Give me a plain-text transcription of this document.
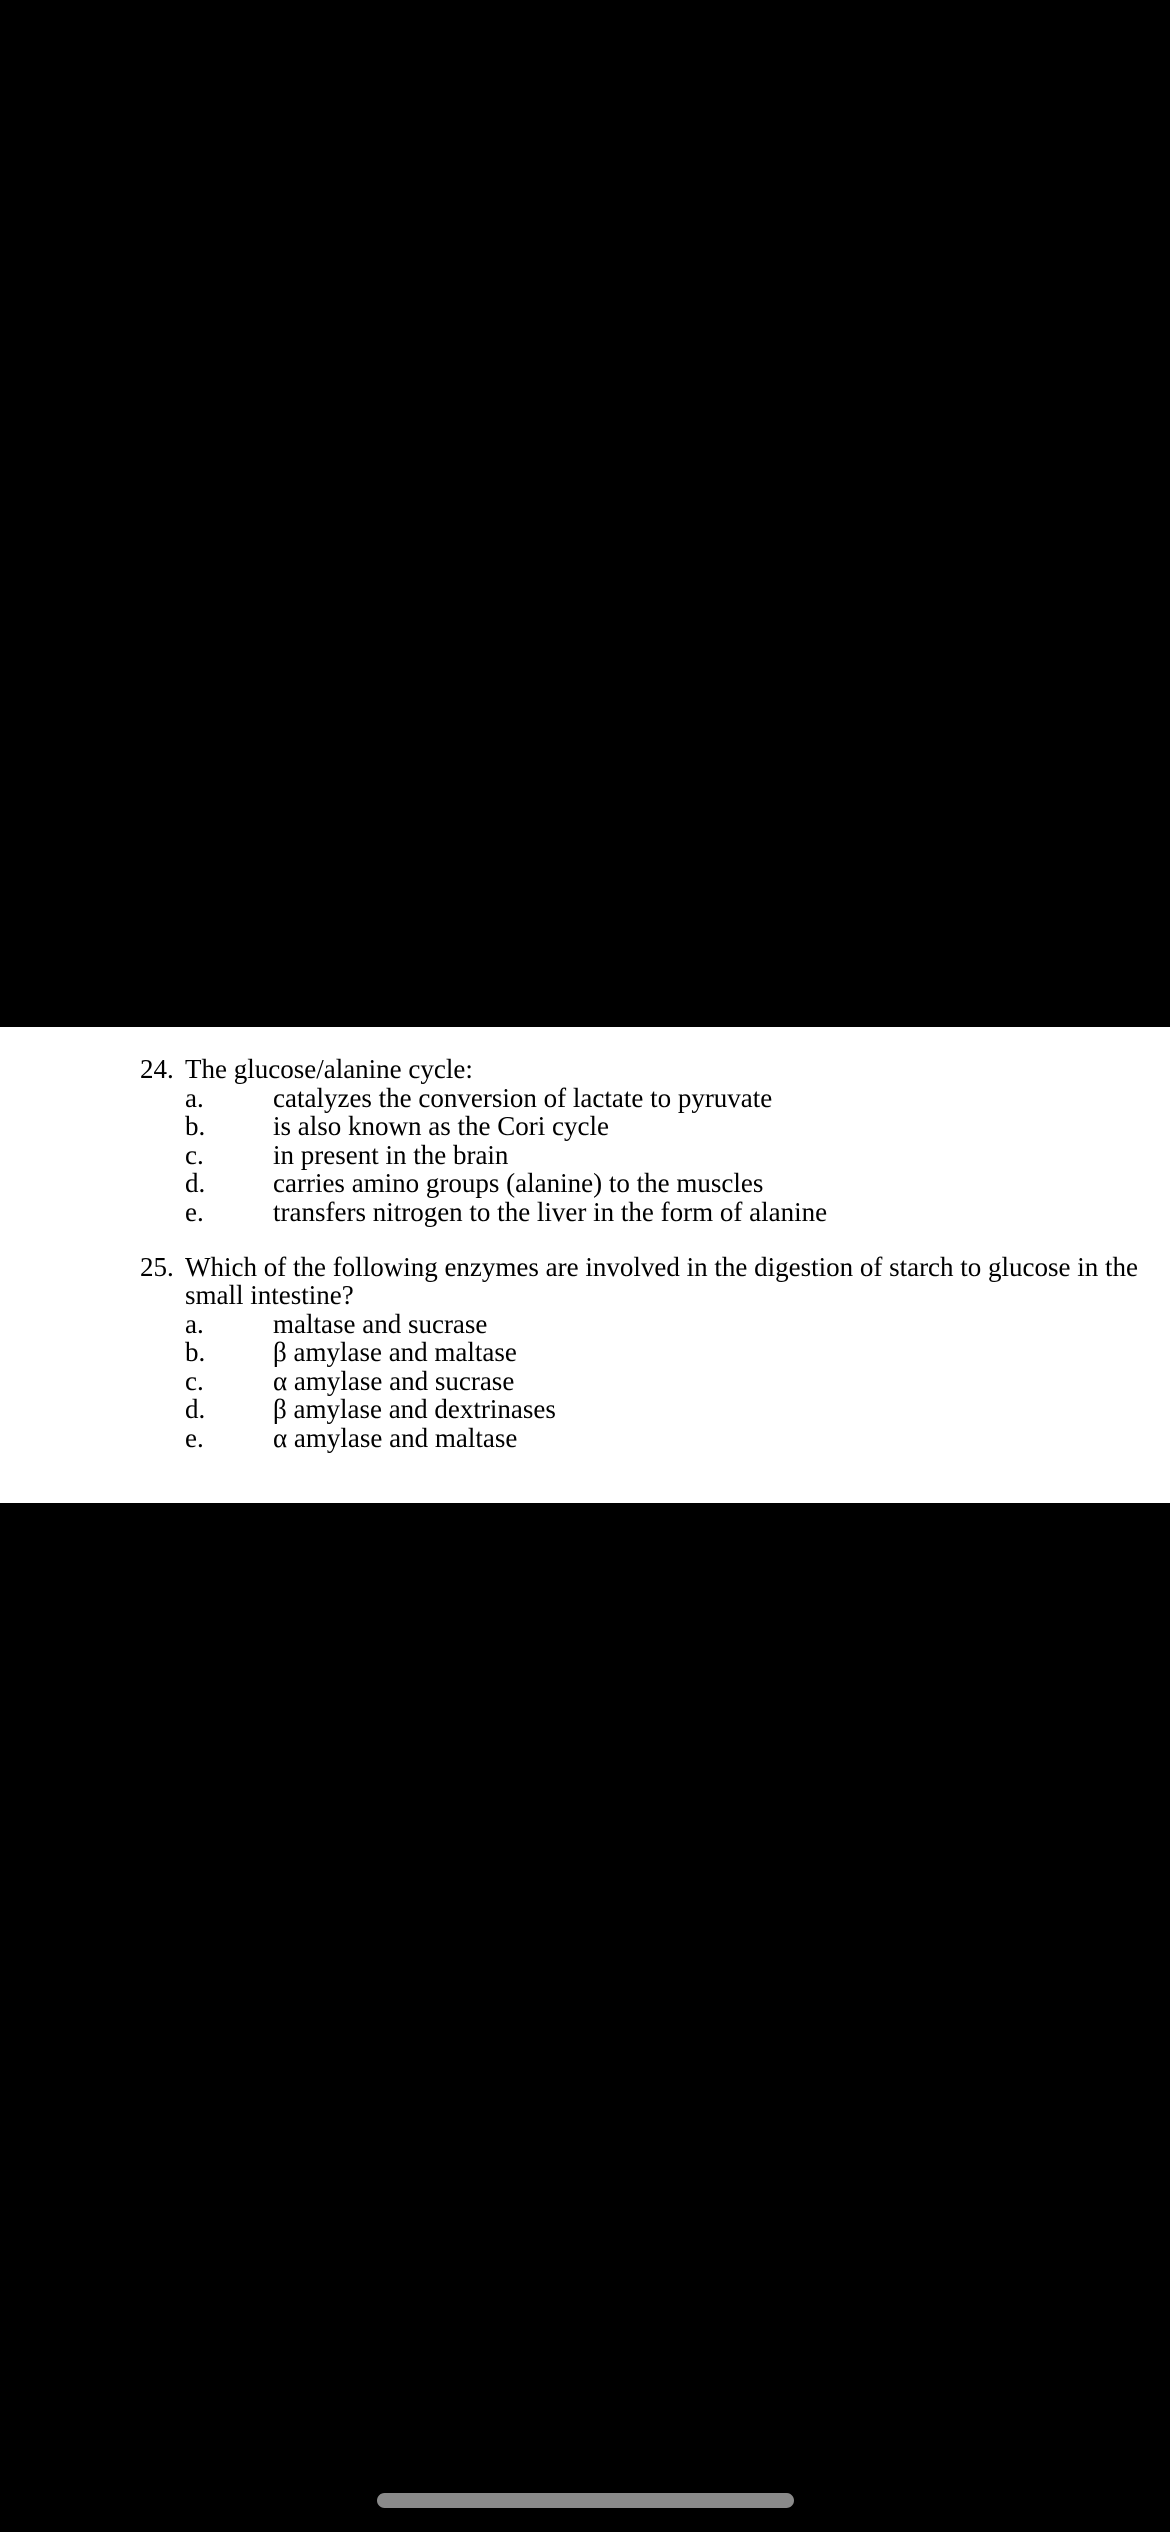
24. The glucose/alanine cycle:
a.	catalyzes the conversion of lactate to pyruvate
b.	is also known as the Cori cycle
c.	in present in the brain
d.	carries amino groups (alanine) to the muscles
e.	transfers nitrogen to the liver in the form of alanine
25. Which of the following enzymes are involved in the digestion of starch to glucose in the small intestine?
a.	maltase and sucrase
b.	β amylase and maltase
c.	α amylase and sucrase
d.	β amylase and dextrinases
e.	α amylase and maltase
